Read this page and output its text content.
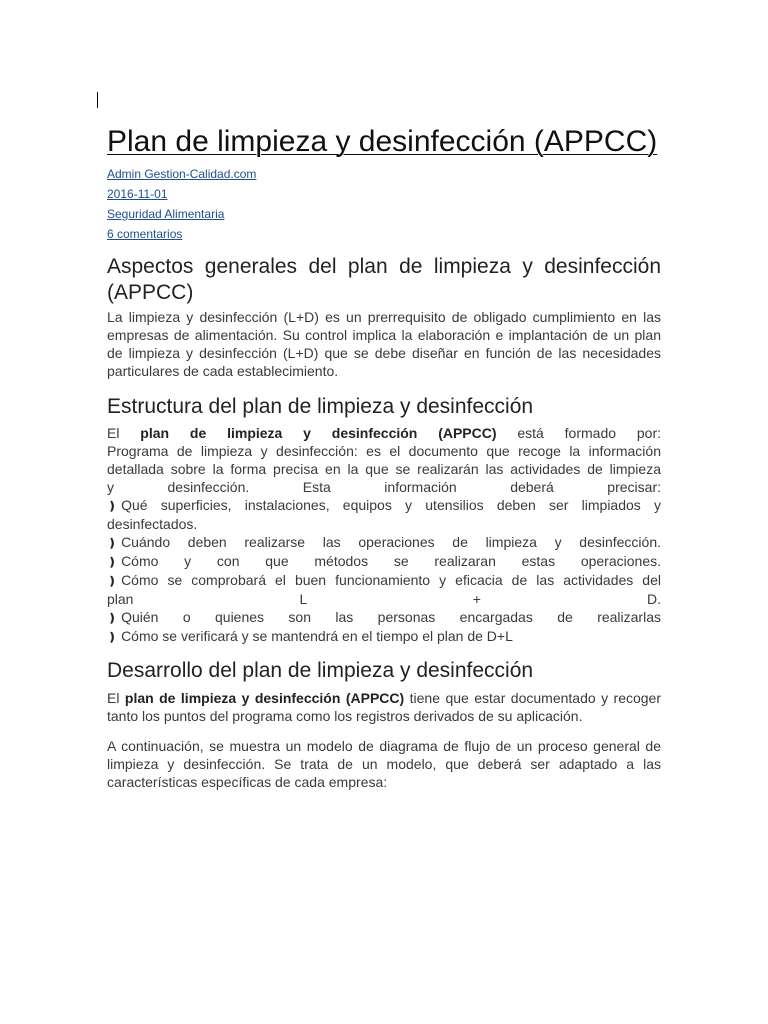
Plan de limpieza y desinfección (APPCC)
Admin Gestion-Calidad.com
2016-11-01
Seguridad Alimentaria
6 comentarios
Aspectos generales del plan de limpieza y desinfección (APPCC)

La limpieza y desinfección (L+D) es un prerrequisito de obligado cumplimiento en las empresas de alimentación. Su control implica la elaboración e implantación de un plan de limpieza y desinfección (L+D) que se debe diseñar en función de las necesidades particulares de cada establecimiento.

Estructura del plan de limpieza y desinfección
El plan de limpieza y desinfección (APPCC) está formado por:
Programa de limpieza y desinfección: es el documento que recoge la información
detallada sobre la forma precisa en la que se realizarán las actividades de limpieza
y desinfección. Esta información deberá precisar:
❫ Qué superficies, instalaciones, equipos y utensilios deben ser limpiados y
desinfectados.
❫ Cuándo deben realizarse las operaciones de limpieza y desinfección.
❫ Cómo y con que métodos se realizaran estas operaciones.
❫ Cómo se comprobará el buen funcionamiento y eficacia de las actividades del
plan L + D.
❫ Quién o quienes son las personas encargadas de realizarlas
❫ Cómo se verificará y se mantendrá en el tiempo el plan de D+L
Desarrollo del plan de limpieza y desinfección

El plan de limpieza y desinfección (APPCC) tiene que estar documentado y recoger tanto los puntos del programa como los registros derivados de su aplicación.

A continuación, se muestra un modelo de diagrama de flujo de un proceso general de limpieza y desinfección. Se trata de un modelo, que deberá ser adaptado a las características específicas de cada empresa:
